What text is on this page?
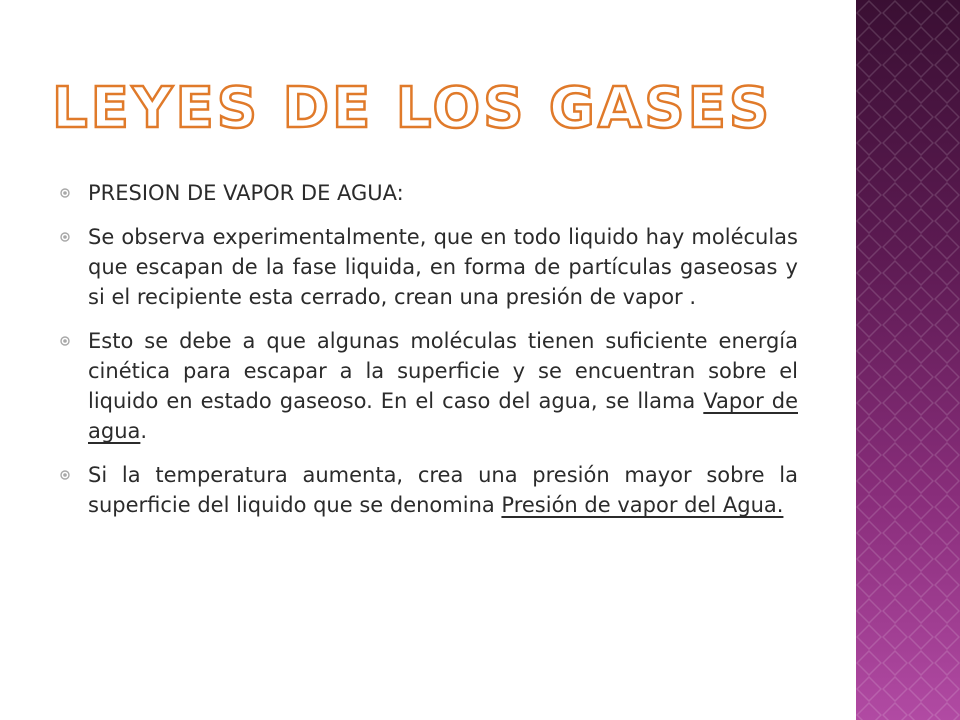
LEYES DE LOS GASES

PRESION DE VAPOR DE AGUA:

Se observa experimentalmente, que en todo liquido hay moléculas que escapan de la fase liquida, en forma de partículas gaseosas y si el recipiente esta cerrado, crean una presión de vapor .

Esto se debe a que algunas moléculas tienen suficiente energía cinética para escapar a la superficie y se encuentran sobre el liquido en estado gaseoso. En el caso del agua, se llama Vapor de agua.

Si la temperatura aumenta, crea una presión mayor sobre la superficie del liquido que se denomina Presión de vapor del Agua.
